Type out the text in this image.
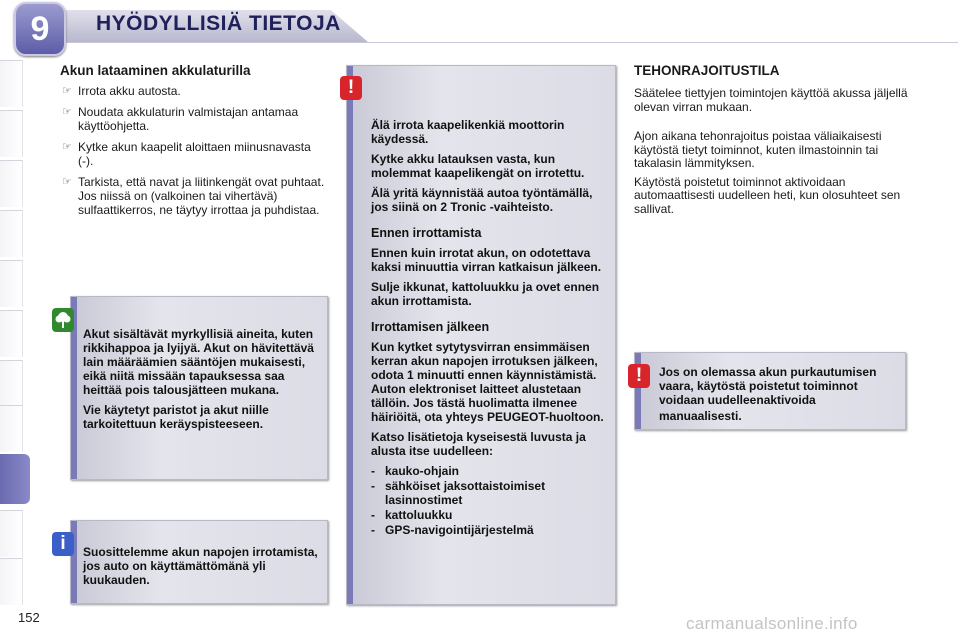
9	HYÖDYLLISIÄ TIETOJA
Akun lataaminen akkulaturilla
☞ Irrota akku autosta.
☞ Noudata akkulaturin valmistajan antamaa käyttöohjetta.
☞ Kytke akun kaapelit aloittaen miinusnavasta (-).
☞ Tarkista, että navat ja liitinkengät ovat puhtaat. Jos niissä on (valkoinen tai vihertävä) sulfaattikerros, ne täytyy irrottaa ja puhdistaa.

Akut sisältävät myrkyllisiä aineita, kuten rikkihappoa ja lyijyä. Akut on hävitettävä lain määräämien sääntöjen mukaisesti, eikä niitä missään tapauksessa saa heittää pois talousjätteen mukana.

Vie käytetyt paristot ja akut niille tarkoitettuun keräyspisteeseen.

Suosittelemme akun napojen irrotamista, jos auto on käyttämättömänä yli kuukauden.
i

Älä irrota kaapelikenkiä moottorin käydessä.

Kytke akku latauksen vasta, kun molemmat kaapelikengät on irrotettu.

Älä yritä käynnistää autoa työntämällä, jos siinä on 2 Tronic -vaihteisto.

Ennen irrottamista

Ennen kuin irrotat akun, on odotettava kaksi minuuttia virran katkaisun jälkeen.

Sulje ikkunat, kattoluukku ja ovet ennen akun irrottamista.

Irrottamisen jälkeen

Kun kytket sytytysvirran ensimmäisen kerran akun napojen irrotuksen jälkeen, odota 1 minuutti ennen käynnistämistä. Auton elektroniset laitteet alustetaan tällöin. Jos tästä huolimatta ilmenee häiriöitä, ota yhteys PEUGEOT-huoltoon.

Katso lisätietoja kyseisestä luvusta ja alusta itse uudelleen:

- kauko-ohjain
- sähköiset jaksottaistoimiset lasinnostimet
- kattoluukku
- GPS-navigointijärjestelmä
!
TEHONRAJOITUSTILA

Säätelee tiettyjen toimintojen käyttöä akussa jäljellä olevan virran mukaan.

Ajon aikana tehonrajoitus poistaa väliaikaisesti käytöstä tietyt toiminnot, kuten ilmastoinnin tai takalasin lämmityksen.

Käytöstä poistetut toiminnot aktivoidaan automaattisesti uudelleen heti, kun olosuhteet sen sallivat.

Jos on olemassa akun purkautumisen vaara, käytöstä poistetut toiminnot voidaan uudelleenaktivoida

manuaalisesti.

!
152	carmanualsonline.info
